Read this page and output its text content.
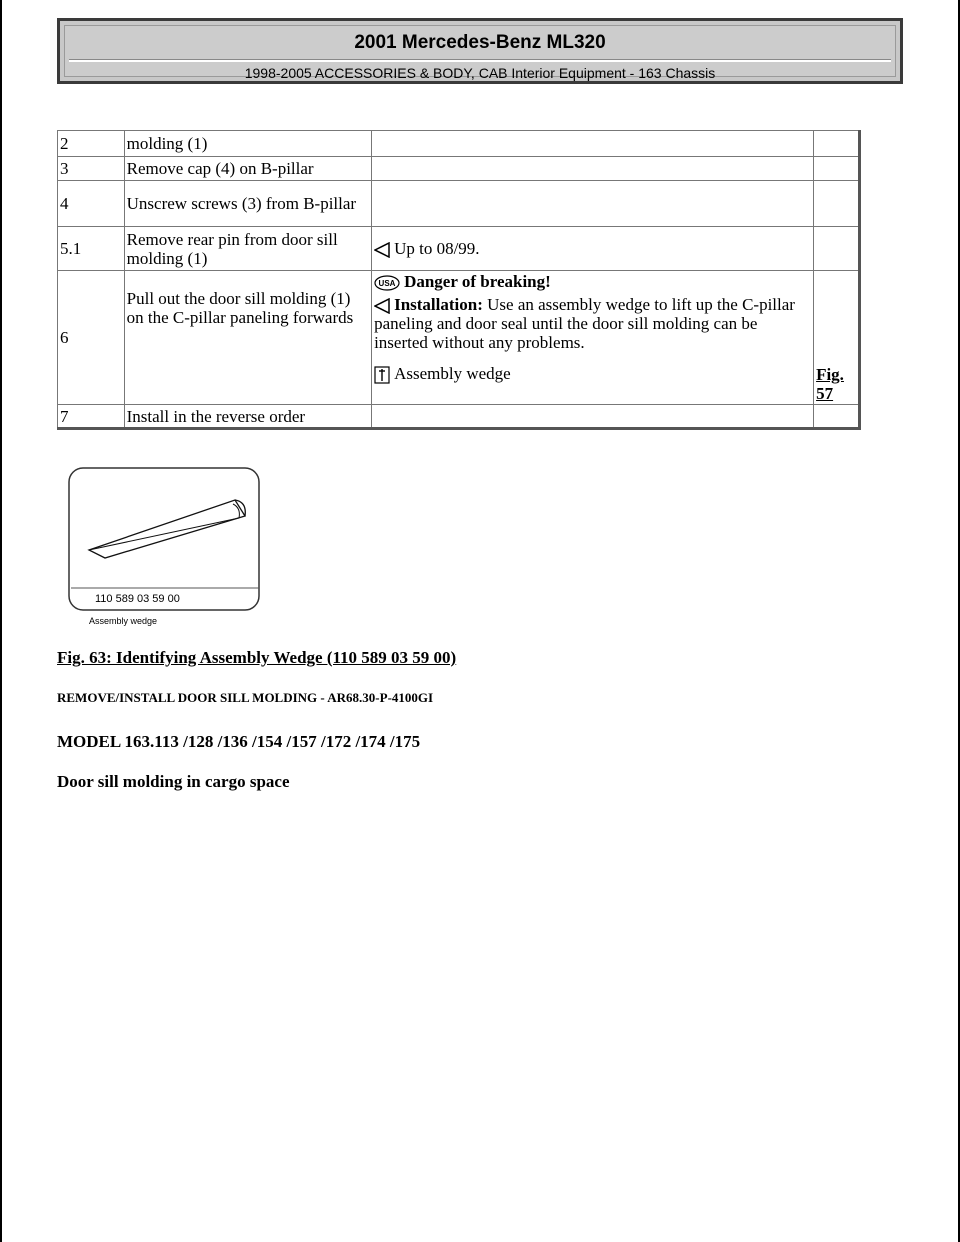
2001 Mercedes-Benz ML320
1998-2005 ACCESSORIES & BODY, CAB Interior Equipment - 163 Chassis
2	molding (1)		
3	Remove cap (4) on B-pillar		
4	Unscrew screws (3) from B-pillar		
5.1	Remove rear pin from door sill molding (1)	Up to 08/99.	

6	Pull out the door sill molding (1) on the C-pillar paneling forwards	USA Danger of breaking!
Installation: Use an assembly wedge to lift up the C-pillar paneling and door seal until the door sill molding can be inserted without any problems.
Assembly wedge	Fig. 57
7	Install in the reverse order		
110 589 03 59 00
Assembly wedge
Fig. 63: Identifying Assembly Wedge (110 589 03 59 00)
REMOVE/INSTALL DOOR SILL MOLDING - AR68.30-P-4100GI
MODEL 163.113 /128 /136 /154 /157 /172 /174 /175
Door sill molding in cargo space
